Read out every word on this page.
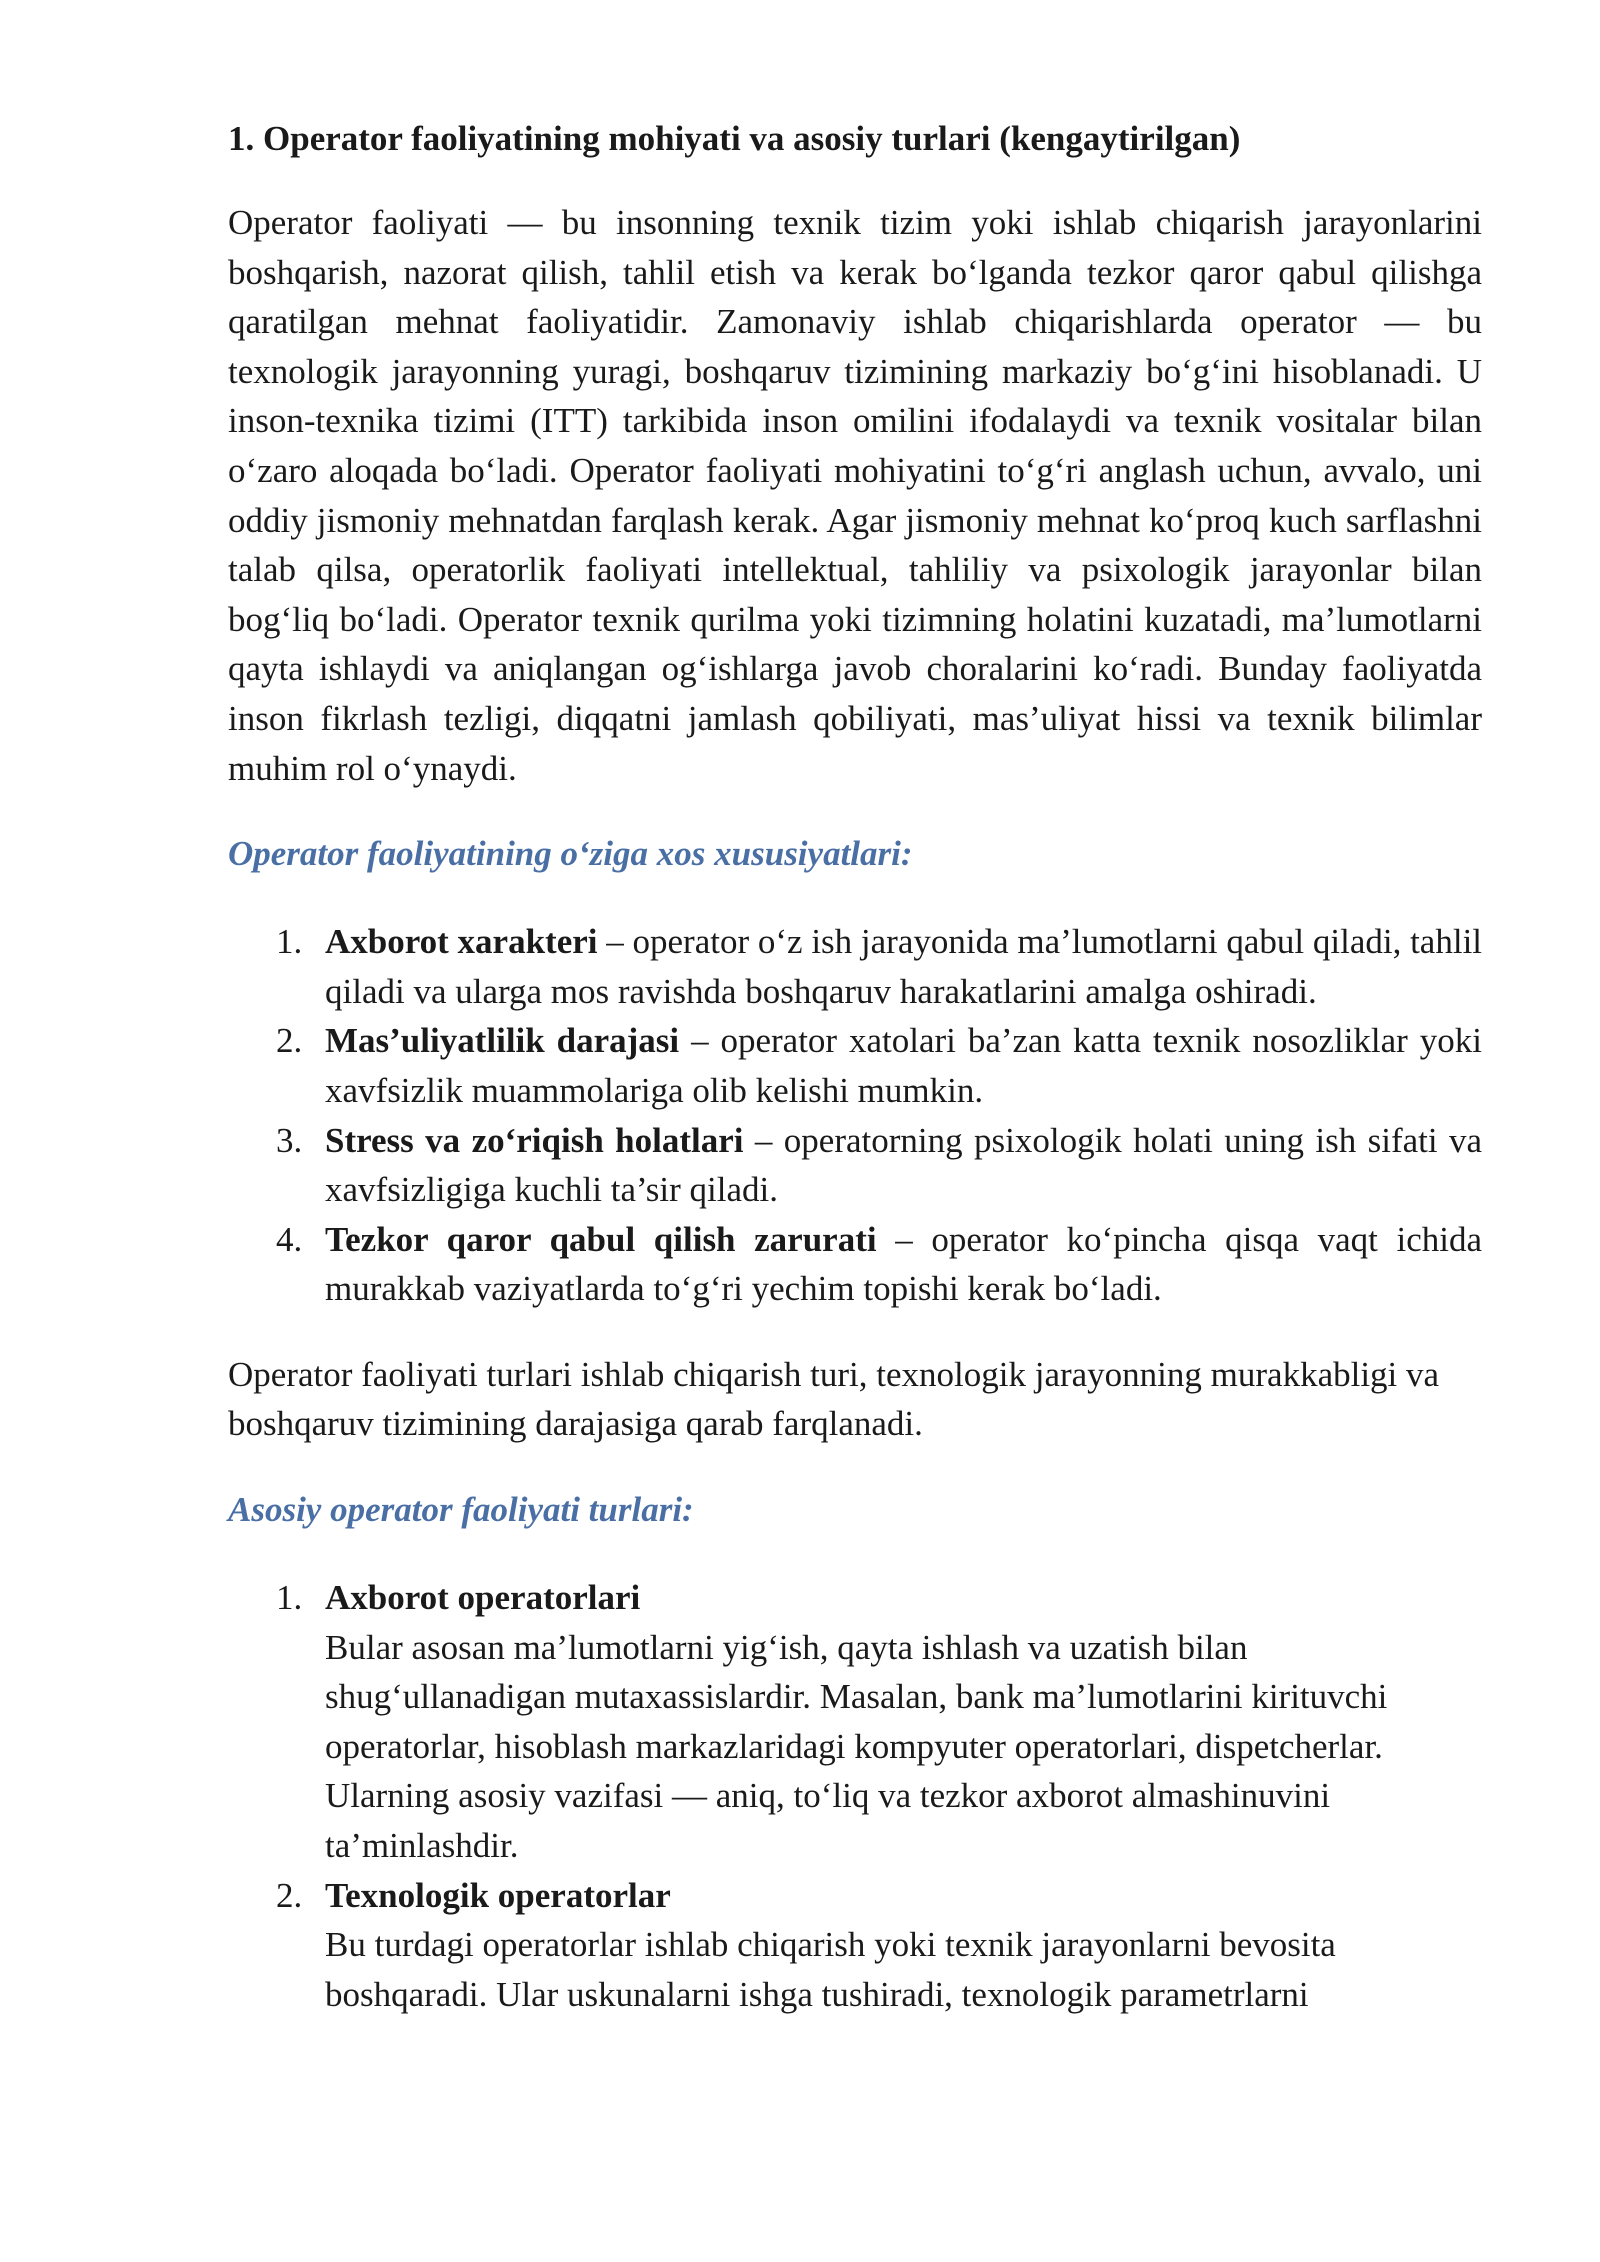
1. Operator faoliyatining mohiyati va asosiy turlari (kengaytirilgan)

Operator faoliyati — bu insonning texnik tizim yoki ishlab chiqarish jarayonlarini boshqarish, nazorat qilish, tahlil etish va kerak bo‘lganda tezkor qaror qabul qilishga qaratilgan mehnat faoliyatidir. Zamonaviy ishlab chiqarishlarda operator — bu texnologik jarayonning yuragi, boshqaruv tizimining markaziy bo‘g‘ini hisoblanadi. U inson-texnika tizimi (ITT) tarkibida inson omilini ifodalaydi va texnik vositalar bilan o‘zaro aloqada bo‘ladi. Operator faoliyati mohiyatini to‘g‘ri anglash uchun, avvalo, uni oddiy jismoniy mehnatdan farqlash kerak. Agar jismoniy mehnat ko‘proq kuch sarflashni talab qilsa, operatorlik faoliyati intellektual, tahliliy va psixologik jarayonlar bilan bog‘liq bo‘ladi. Operator texnik qurilma yoki tizimning holatini kuzatadi, ma’lumotlarni qayta ishlaydi va aniqlangan og‘ishlarga javob choralarini ko‘radi. Bunday faoliyatda inson fikrlash tezligi, diqqatni jamlash qobiliyati, mas’uliyat hissi va texnik bilimlar muhim rol o‘ynaydi.

Operator faoliyatining o‘ziga xos xususiyatlari:
1. Axborot xarakteri – operator o‘z ish jarayonida ma’lumotlarni qabul qiladi, tahlil qiladi va ularga mos ravishda boshqaruv harakatlarini amalga oshiradi.
2. Mas’uliyatlilik darajasi – operator xatolari ba’zan katta texnik nosozliklar yoki xavfsizlik muammolariga olib kelishi mumkin.
3. Stress va zo‘riqish holatlari – operatorning psixologik holati uning ish sifati va xavfsizligiga kuchli ta’sir qiladi.
4. Tezkor qaror qabul qilish zarurati – operator ko‘pincha qisqa vaqt ichida murakkab vaziyatlarda to‘g‘ri yechim topishi kerak bo‘ladi.

Operator faoliyati turlari ishlab chiqarish turi, texnologik jarayonning murakkabligi va boshqaruv tizimining darajasiga qarab farqlanadi.

Asosiy operator faoliyati turlari:
1. Axborot operatorlari
Bular asosan ma’lumotlarni yig‘ish, qayta ishlash va uzatish bilan shug‘ullanadigan mutaxassislardir. Masalan, bank ma’lumotlarini kirituvchi operatorlar, hisoblash markazlaridagi kompyuter operatorlari, dispetcherlar. Ularning asosiy vazifasi — aniq, to‘liq va tezkor axborot almashinuvini ta’minlashdir.
2. Texnologik operatorlar
Bu turdagi operatorlar ishlab chiqarish yoki texnik jarayonlarni bevosita boshqaradi. Ular uskunalarni ishga tushiradi, texnologik parametrlarni
